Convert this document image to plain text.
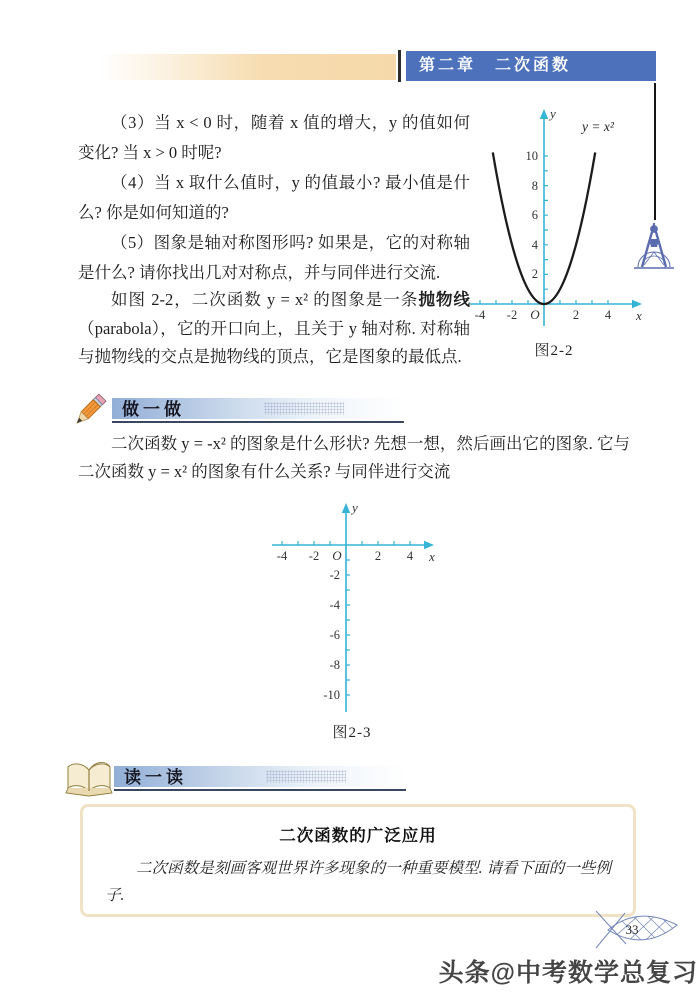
第二章　二次函数

（3）当 x < 0 时，随着 x 值的增大，y 的值如何变化? 当 x > 0 时呢?

（4）当 x 取什么值时，y 的值最小? 最小值是什么? 你是如何知道的?

（5）图象是轴对称图形吗? 如果是，它的对称轴是什么? 请你找出几对对称点，并与同伴进行交流.

如图 2-2，二次函数 y = x² 的图象是一条抛物线（parabola），它的开口向上，且关于 y 轴对称. 对称轴与抛物线的交点是抛物线的顶点，它是图象的最低点.
y = x²
2
4
6
8
10
-4 -2	2 4
O	x
y
图2-2
做一做
二次函数 y = -x² 的图象是什么形状? 先想一想，然后画出它的图象. 它与二次函数 y = x² 的图象有什么关系? 与同伴进行交流
-4 -2	2 4
O	x
y
-2
-4
-6
-8
-10
图2-3
读一读
二次函数的广泛应用
二次函数是刻画客观世界许多现象的一种重要模型. 请看下面的一些例子.
33
头条@中考数学总复习
